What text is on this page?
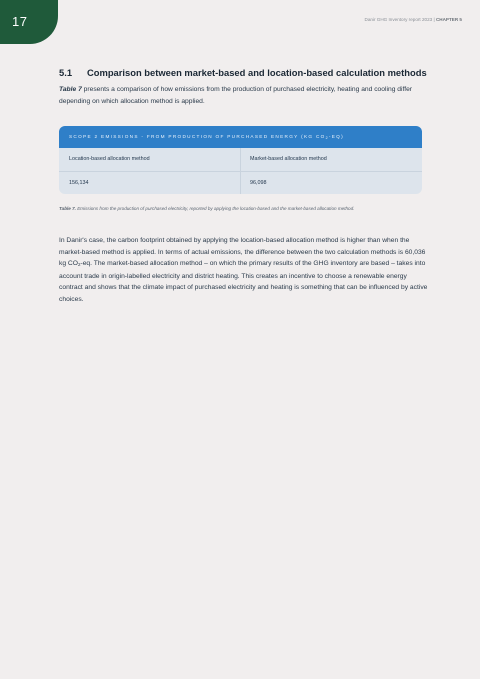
17	Danir GHG Inventory report 2023 | CHAPTER 5
5.1 Comparison between market-based and location-based calculation methods
Table 7 presents a comparison of how emissions from the production of purchased electricity, heating and cooling differ depending on which allocation method is applied.
SCOPE 2 EMISSIONS - FROM PRODUCTION OF PURCHASED ENERGY (KG $CO_2-EQ$)
Location-based allocation method	Market-based allocation method
156,134	96,098
Table 7. Emissions from the production of purchased electricity, reported by applying the location-based and the market-based allocation method.
In Danir's case, the carbon footprint obtained by applying the location-based allocation method is higher than when the market-based method is applied. In terms of actual emissions, the difference between the two calculation methods is 60,036 kg $CO_2-eq$. The market-based allocation method – on which the primary results of the GHG inventory are based – takes into account trade in origin-labelled electricity and district heating. This creates an incentive to choose a renewable energy contract and shows that the climate impact of purchased electricity and heating is something that can be influenced by active choices.
